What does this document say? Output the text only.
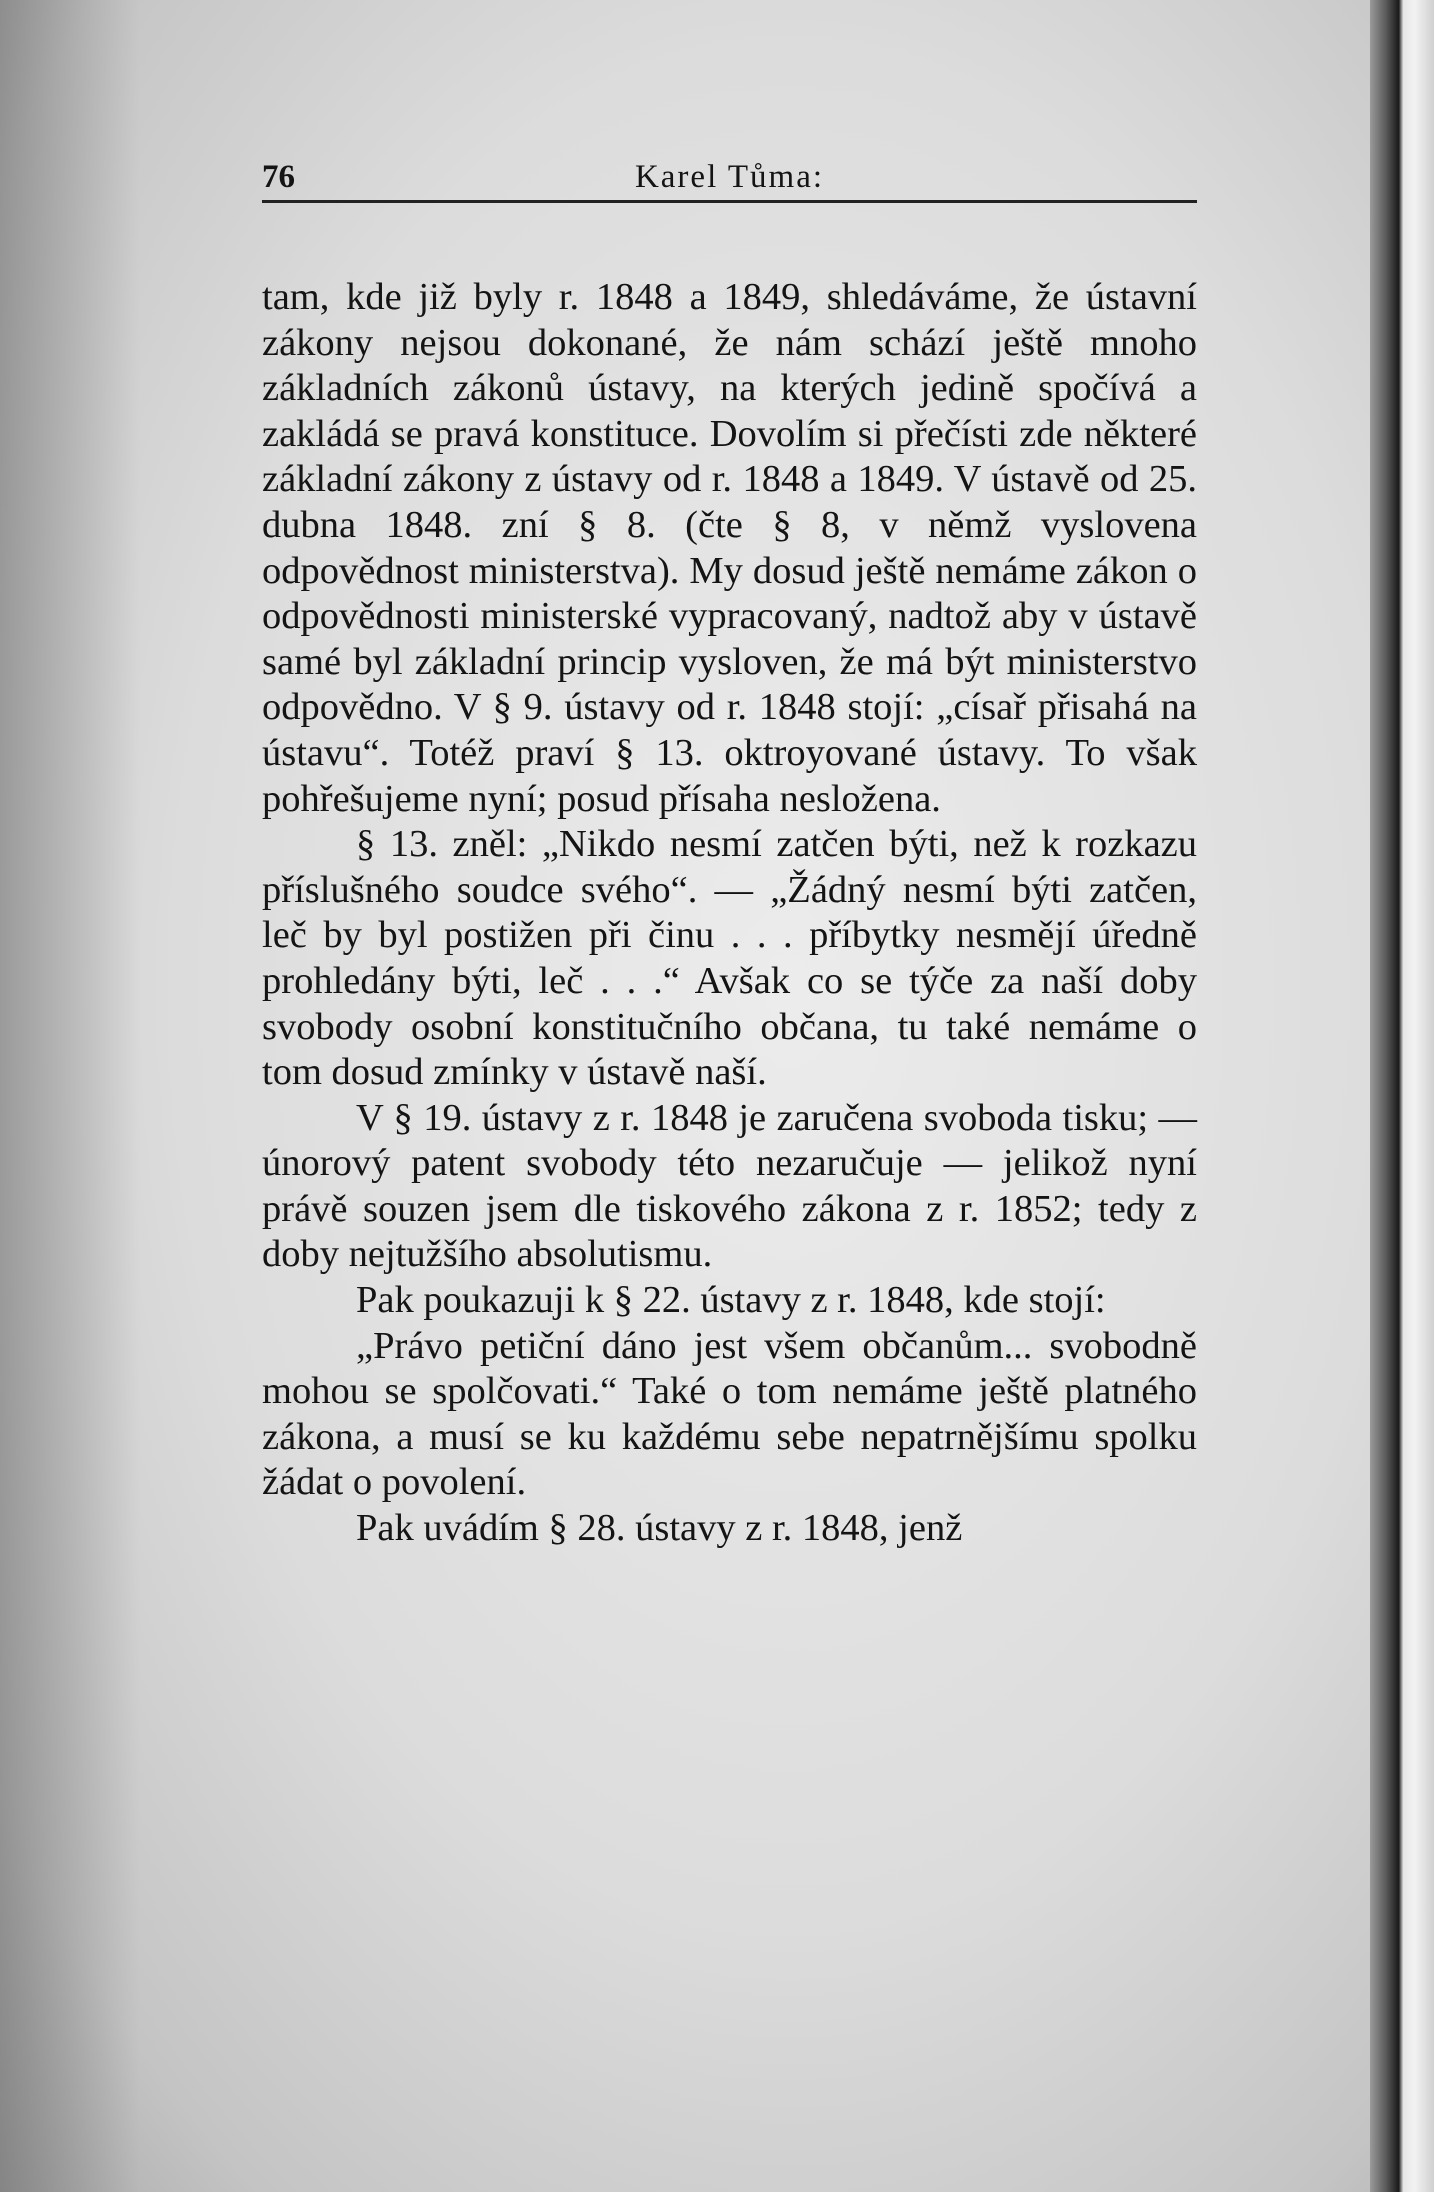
76	Karel Tůma:

tam, kde již byly r. 1848 a 1849, shledáváme, že ústavní zákony nejsou dokonané, že nám schází ještě mnoho základních zákonů ústavy, na kterých jedině spočívá a zakládá se pravá konstituce. Dovolím si přečísti zde některé základní zákony z ústavy od r. 1848 a 1849. V ústavě od 25. dubna 1848. zní § 8. (čte § 8, v němž vyslovena odpovědnost ministerstva). My dosud ještě nemáme zákon o odpovědnosti ministerské vypracovaný, nadtož aby v ústavě samé byl základní princip vysloven, že má být ministerstvo odpovědno. V § 9. ústavy od r. 1848 stojí: „císař přisahá na ústavu“. Totéž praví § 13. oktroyované ústavy. To však pohřešujeme nyní; posud přísaha nesložena.

§ 13. zněl: „Nikdo nesmí zatčen býti, než k rozkazu příslušného soudce svého“. — „Žádný nesmí býti zatčen, leč by byl postižen při činu . . . příbytky nesmějí úředně prohledány býti, leč . . .“ Avšak co se týče za naší doby svobody osobní konstitučního občana, tu také nemáme o tom dosud zmínky v ústavě naší.

V § 19. ústavy z r. 1848 je zaručena svoboda tisku; — únorový patent svobody této nezaručuje — jelikož nyní právě souzen jsem dle tiskového zákona z r. 1852; tedy z doby nejtužšího absolutismu.

Pak poukazuji k § 22. ústavy z r. 1848, kde stojí:

„Právo petiční dáno jest všem občanům... svobodně mohou se spolčovati.“ Také o tom nemáme ještě platného zákona, a musí se ku každému sebe nepatrnějšímu spolku žádat o povolení.

Pak uvádím § 28. ústavy z r. 1848, jenž
